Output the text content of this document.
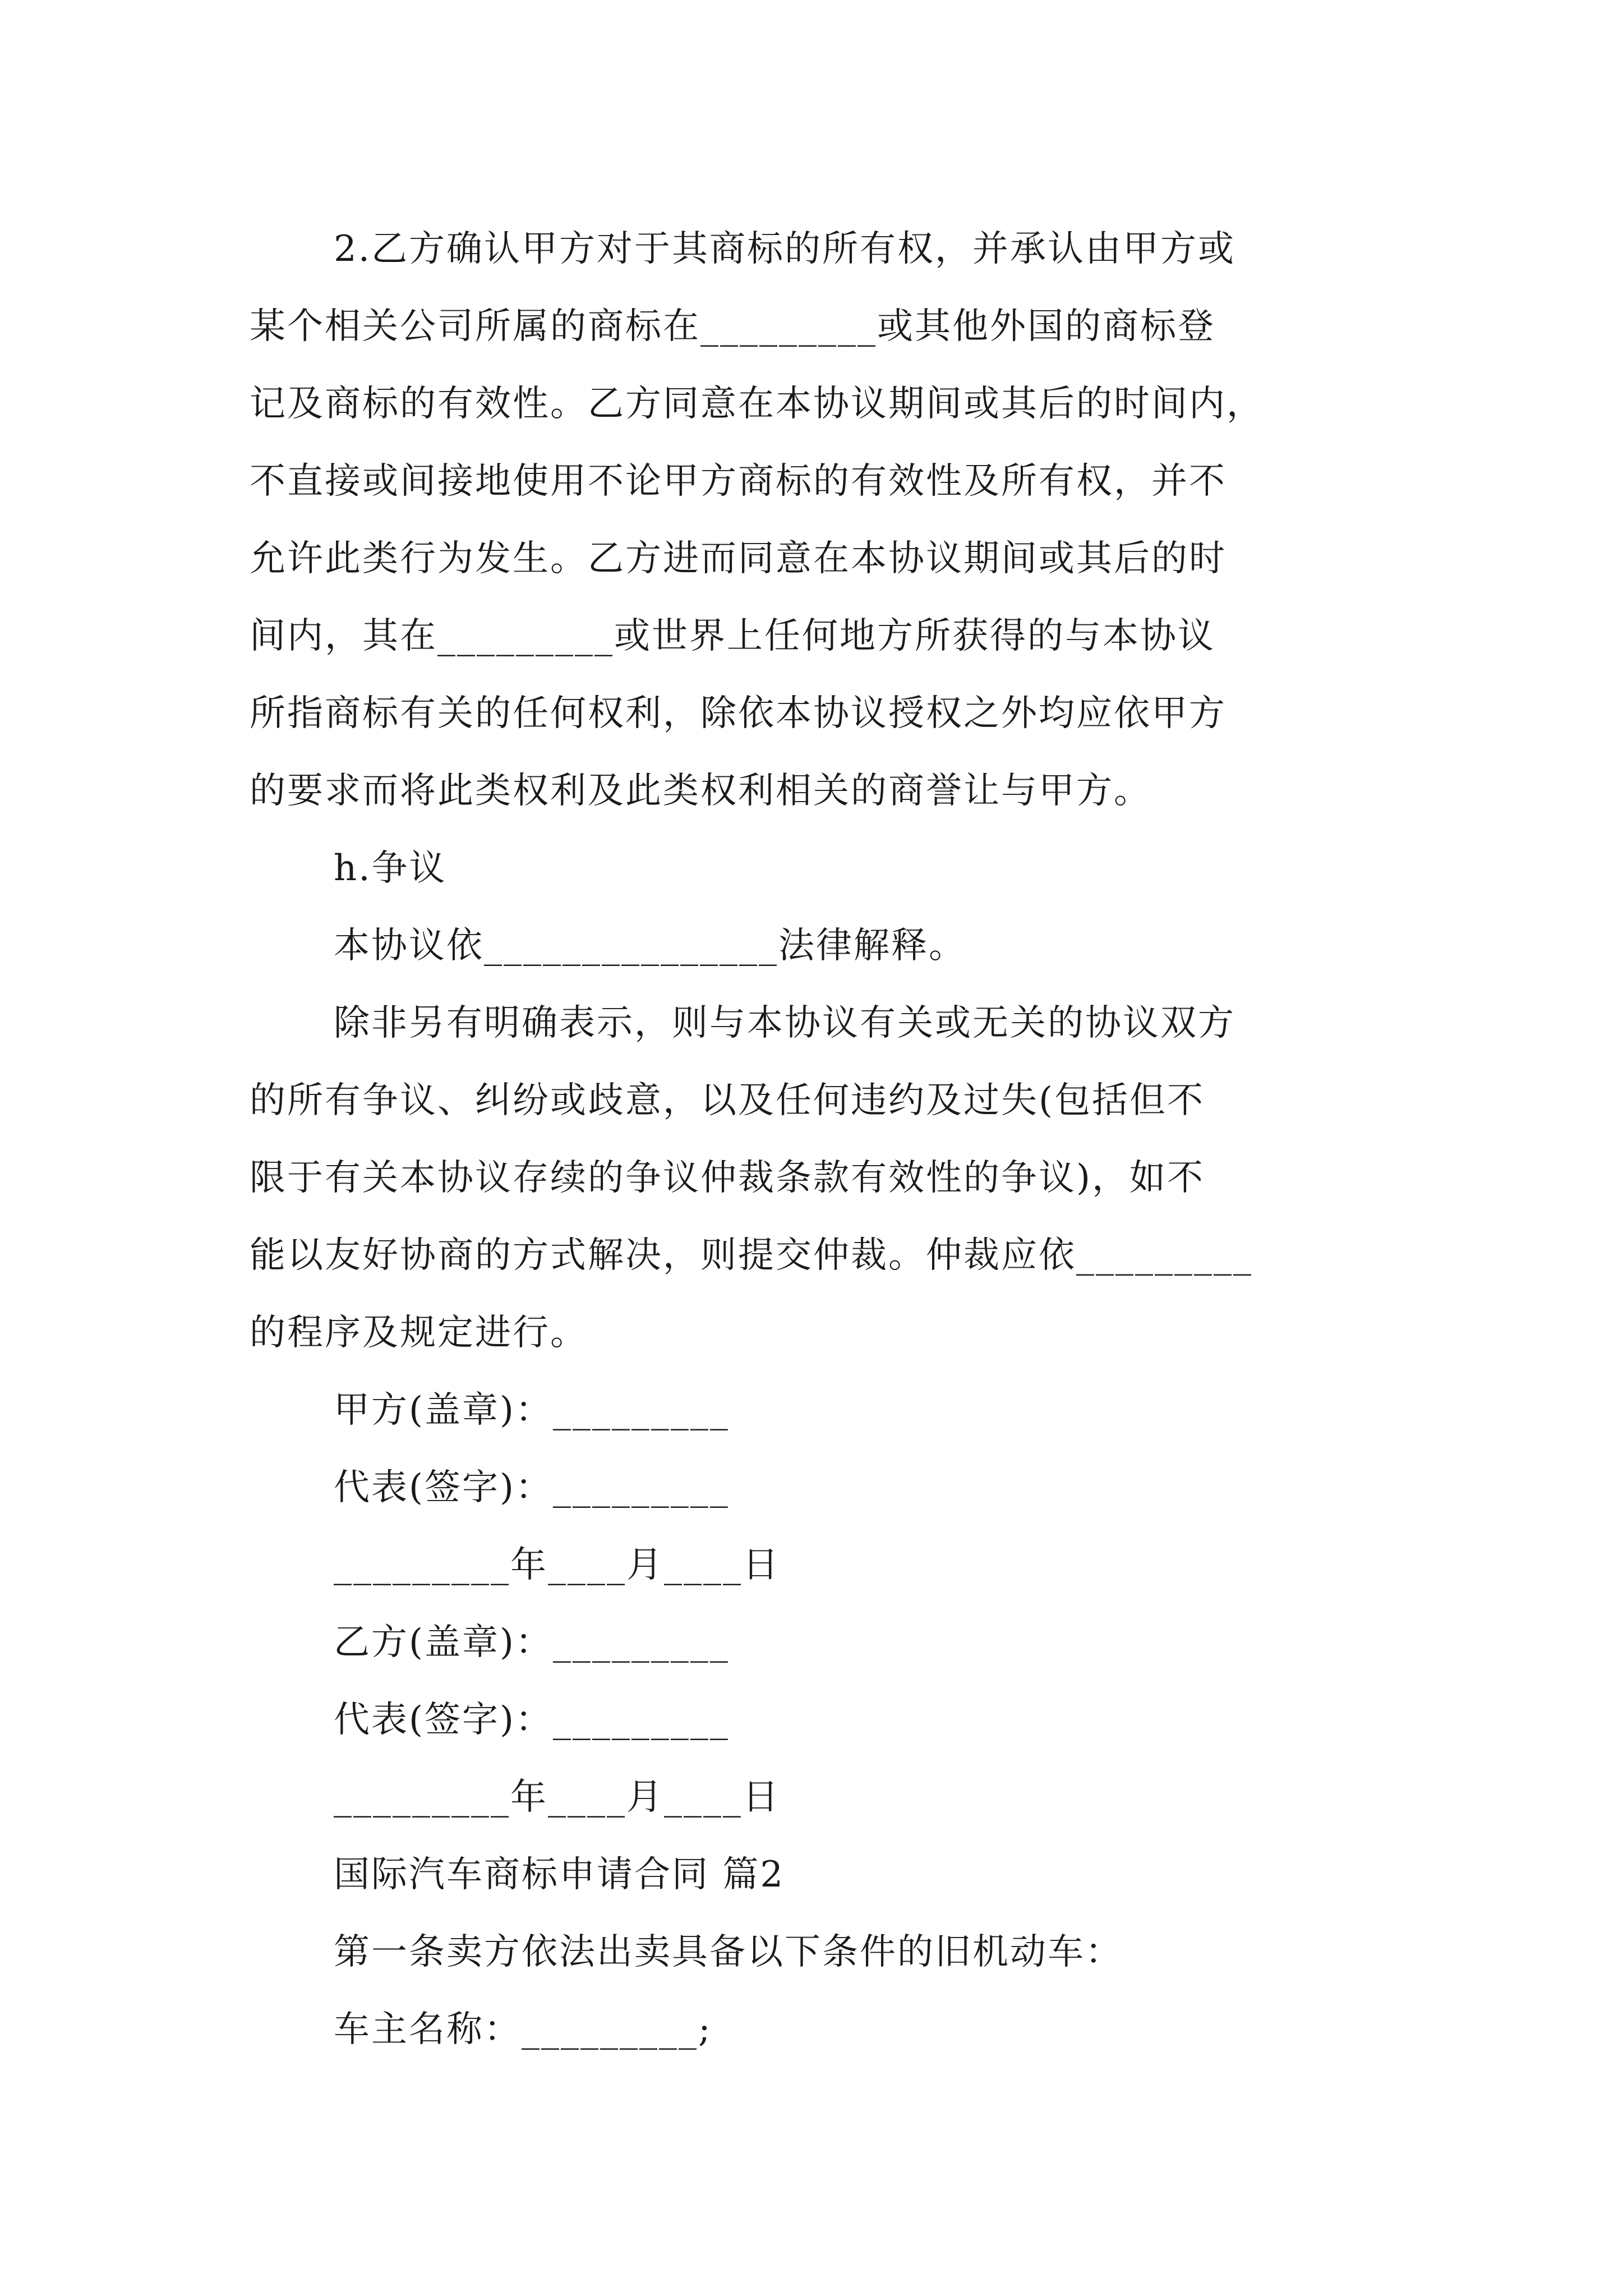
2.乙方确认甲方对于其商标的所有权，并承认由甲方或
某个相关公司所属的商标在_________或其他外国的商标登
记及商标的有效性。乙方同意在本协议期间或其后的时间内，
不直接或间接地使用不论甲方商标的有效性及所有权，并不
允许此类行为发生。乙方进而同意在本协议期间或其后的时
间内，其在_________或世界上任何地方所获得的与本协议
所指商标有关的任何权利，除依本协议授权之外均应依甲方
的要求而将此类权利及此类权利相关的商誉让与甲方。
h.争议
本协议依_______________法律解释。
除非另有明确表示，则与本协议有关或无关的协议双方
的所有争议、纠纷或歧意，以及任何违约及过失(包括但不
限于有关本协议存续的争议仲裁条款有效性的争议)，如不
能以友好协商的方式解决，则提交仲裁。仲裁应依_________
的程序及规定进行。
甲方(盖章)：_________
代表(签字)：_________
_________年____月____日
乙方(盖章)：_________
代表(签字)：_________
_________年____月____日
国际汽车商标申请合同 篇2
第一条卖方依法出卖具备以下条件的旧机动车：
车主名称：_________;
